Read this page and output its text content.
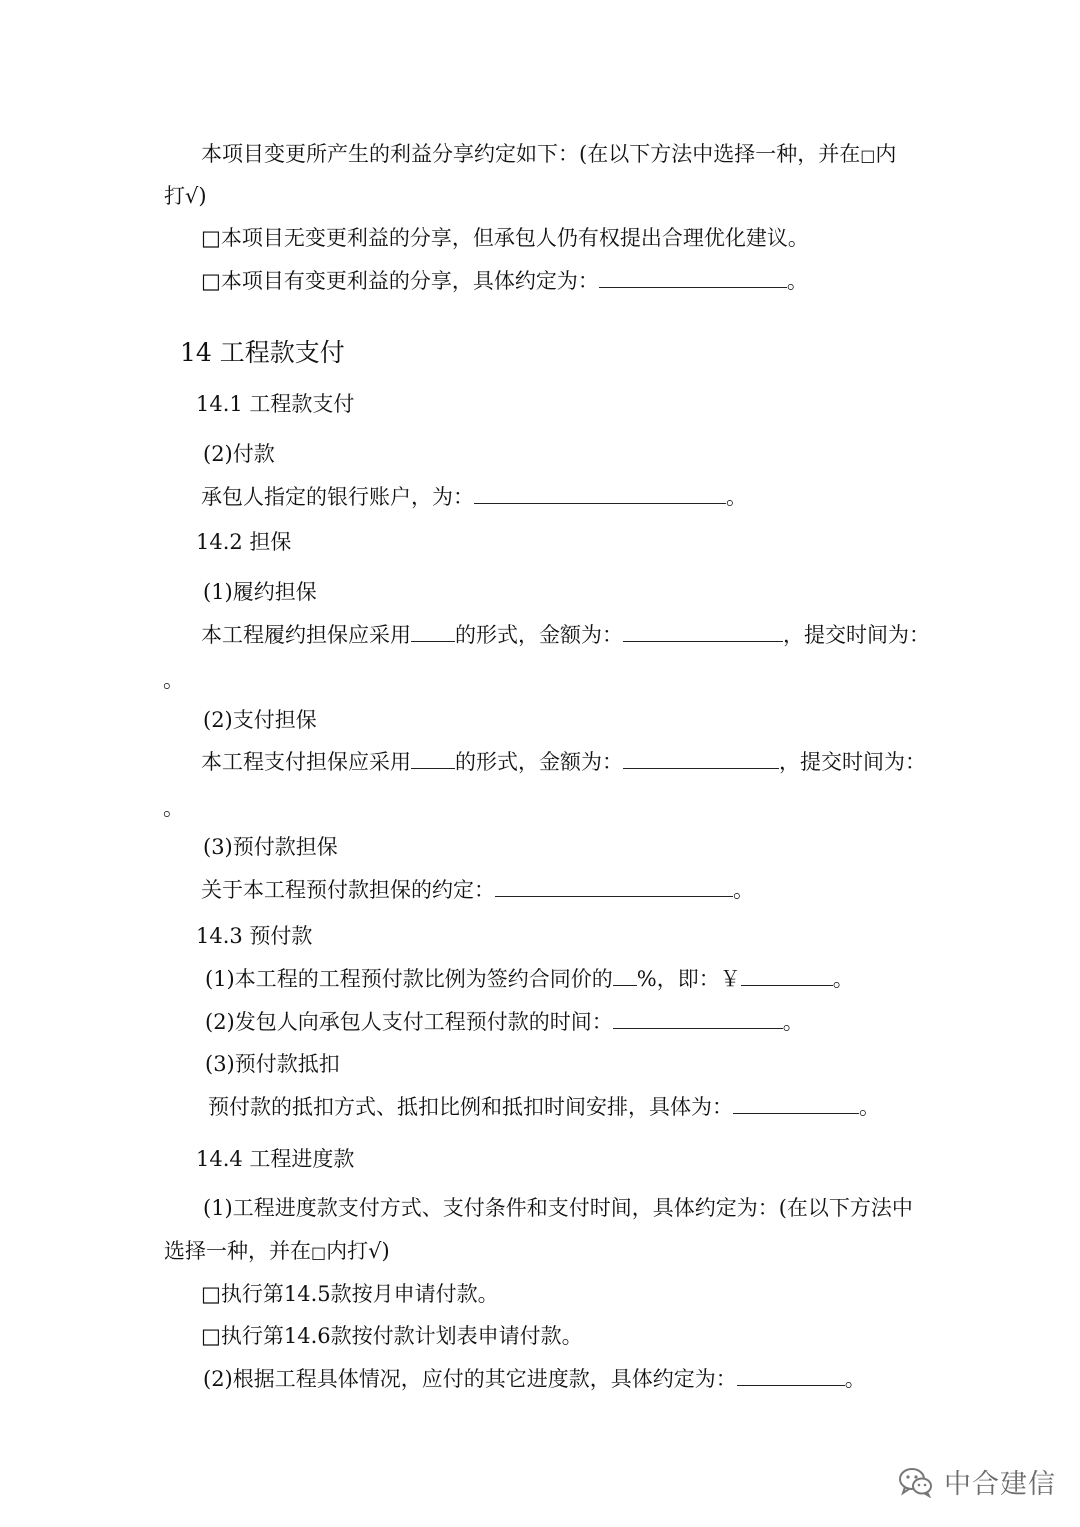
本项目变更所产生的利益分享约定如下：(在以下方法中选择一种，并在□内
打√)
□本项目无变更利益的分享，但承包人仍有权提出合理优化建议。
□本项目有变更利益的分享，具体约定为：	。
14 工程款支付
14.1 工程款支付
(2)付款
承包人指定的银行账户，为：	。
14.2 担保
(1)履约担保
本工程履约担保应采用 的形式，金额为：	，提交时间为：
。
(2)支付担保
本工程支付担保应采用 的形式，金额为：	，提交时间为：
。
(3)预付款担保
关于本工程预付款担保的约定：	。
14.3 预付款
(1)本工程的工程预付款比例为签约合同价的 %，即：￥	。
(2)发包人向承包人支付工程预付款的时间：	。
(3)预付款抵扣
预付款的抵扣方式、抵扣比例和抵扣时间安排，具体为：	。
14.4 工程进度款
(1)工程进度款支付方式、支付条件和支付时间，具体约定为：(在以下方法中
选择一种，并在□内打√)
□执行第14.5款按月申请付款。
□执行第14.6款按付款计划表申请付款。
(2)根据工程具体情况，应付的其它进度款，具体约定为：	。
中合建信
